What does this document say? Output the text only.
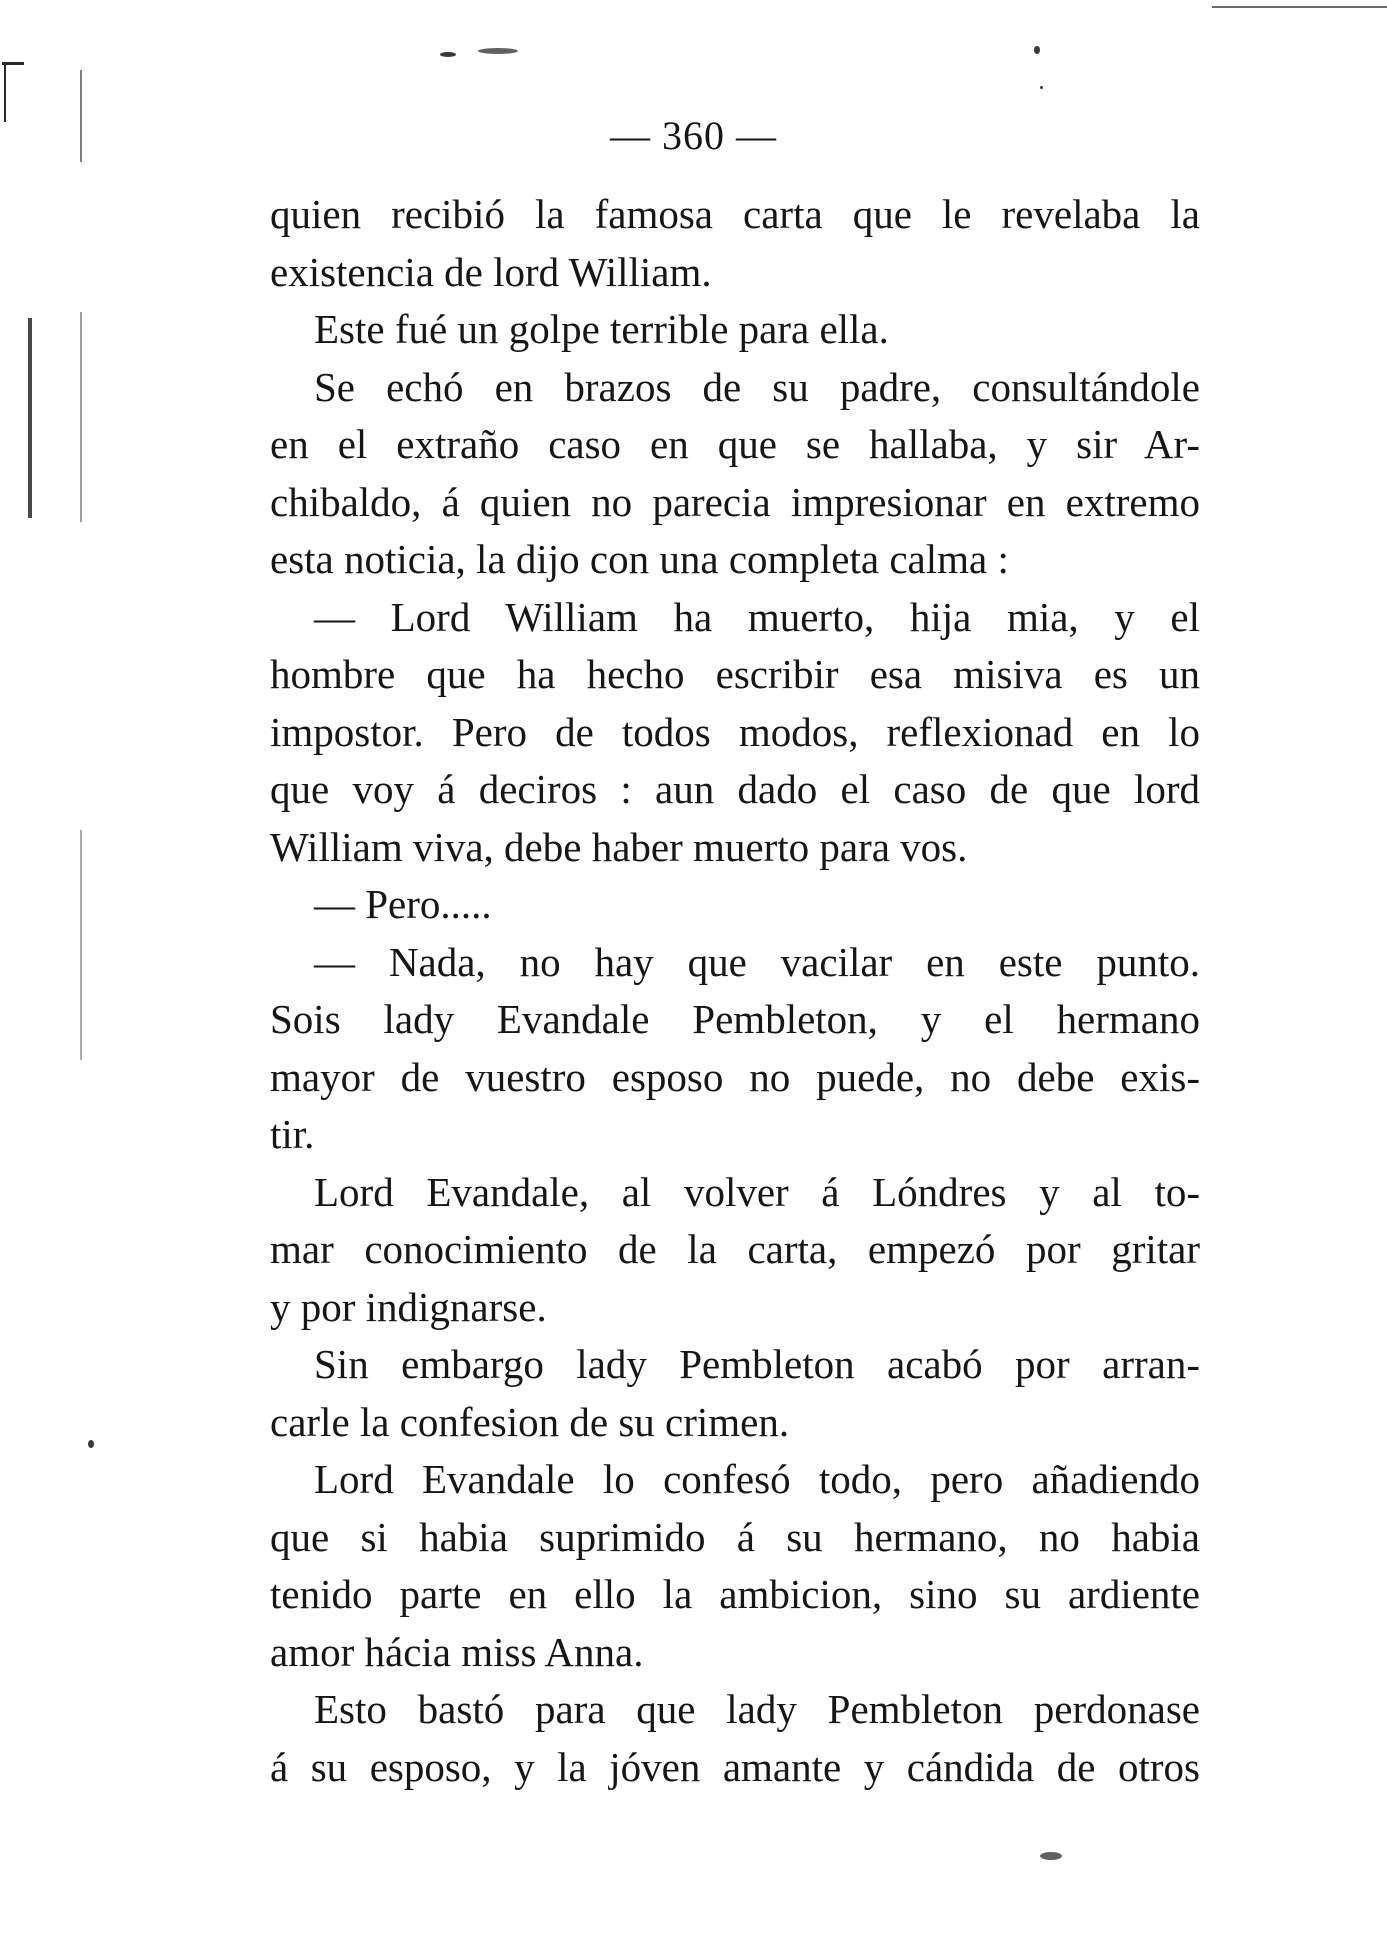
— 360 —
quien recibió la famosa carta que le revelaba la
existencia de lord William.
Este fué un golpe terrible para ella.
Se echó en brazos de su padre, consultándole
en el extraño caso en que se hallaba, y sir Ar-
chibaldo, á quien no parecia impresionar en extremo
esta noticia, la dijo con una completa calma :
— Lord William ha muerto, hija mia, y el
hombre que ha hecho escribir esa misiva es un
impostor. Pero de todos modos, reflexionad en lo
que voy á deciros : aun dado el caso de que lord
William viva, debe haber muerto para vos.
— Pero.....
— Nada, no hay que vacilar en este punto.
Sois lady Evandale Pembleton, y el hermano
mayor de vuestro esposo no puede, no debe exis-
tir.
Lord Evandale, al volver á Lóndres y al to-
mar conocimiento de la carta, empezó por gritar
y por indignarse.
Sin embargo lady Pembleton acabó por arran-
carle la confesion de su crimen.
Lord Evandale lo confesó todo, pero añadiendo
que si habia suprimido á su hermano, no habia
tenido parte en ello la ambicion, sino su ardiente
amor hácia miss Anna.
Esto bastó para que lady Pembleton perdonase
á su esposo, y la jóven amante y cándida de otros
